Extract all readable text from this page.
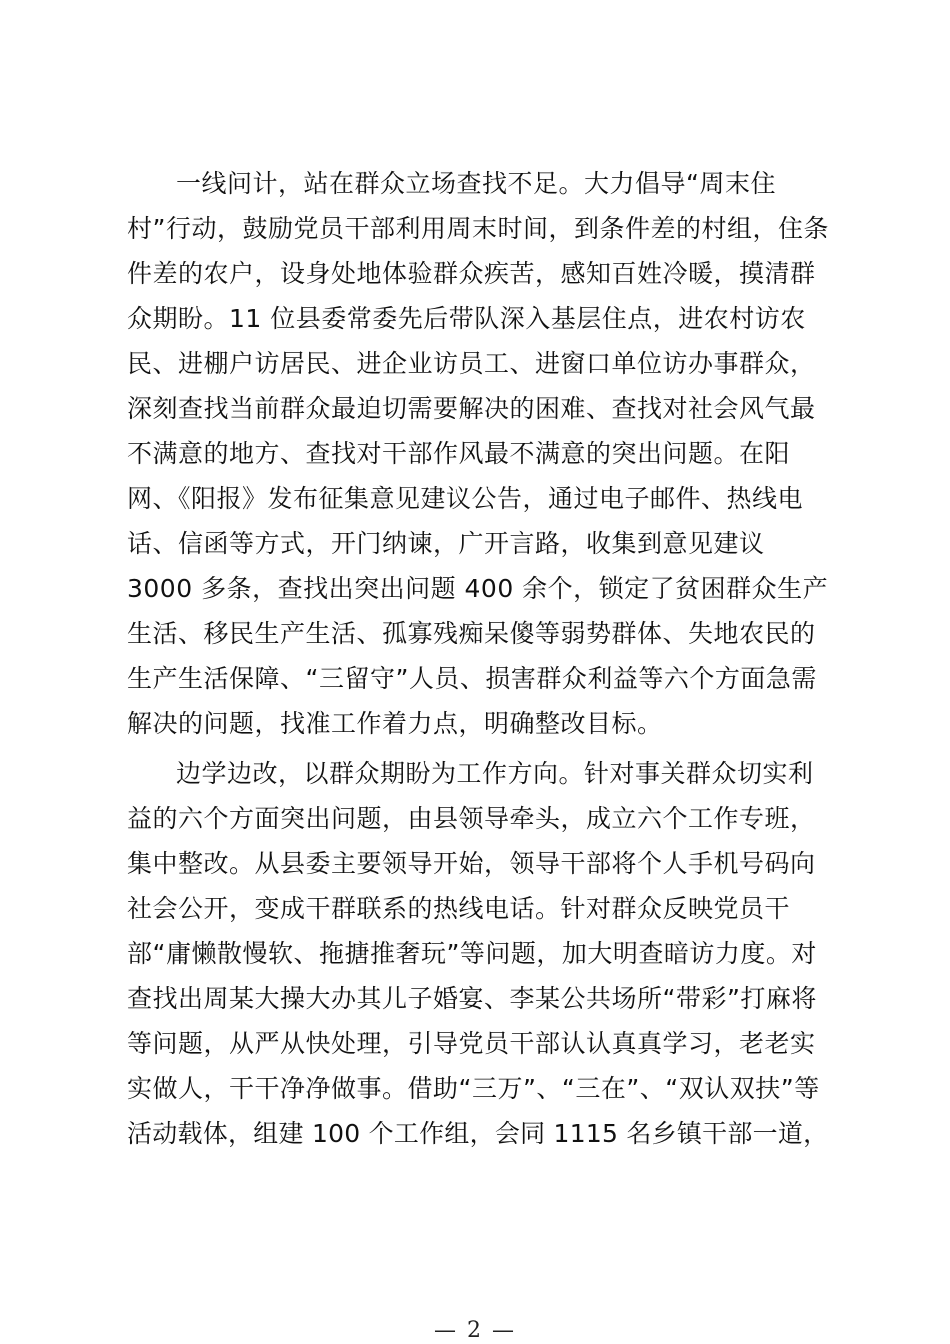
一线问计，站在群众立场查找不足。大力倡导“周末住
村”行动，鼓励党员干部利用周末时间，到条件差的村组，住条
件差的农户，设身处地体验群众疾苦，感知百姓冷暖，摸清群
众期盼。11 位县委常委先后带队深入基层住点，进农村访农
民、进棚户访居民、进企业访员工、进窗口单位访办事群众，
深刻查找当前群众最迫切需要解决的困难、查找对社会风气最
不满意的地方、查找对干部作风最不满意的突出问题。在阳
网、《阳报》发布征集意见建议公告，通过电子邮件、热线电
话、信函等方式，开门纳谏，广开言路，收集到意见建议
3000 多条，查找出突出问题 400 余个，锁定了贫困群众生产
生活、移民生产生活、孤寡残痴呆傻等弱势群体、失地农民的
生产生活保障、“三留守”人员、损害群众利益等六个方面急需
解决的问题，找准工作着力点，明确整改目标。
边学边改，以群众期盼为工作方向。针对事关群众切实利
益的六个方面突出问题，由县领导牵头，成立六个工作专班，
集中整改。从县委主要领导开始，领导干部将个人手机号码向
社会公开，变成干群联系的热线电话。针对群众反映党员干
部“庸懒散慢软、拖搪推奢玩”等问题，加大明查暗访力度。对
查找出周某大操大办其儿子婚宴、李某公共场所“带彩”打麻将
等问题，从严从快处理，引导党员干部认认真真学习，老老实
实做人，干干净净做事。借助“三万”、“三在”、“双认双扶”等
活动载体，组建 100 个工作组，会同 1115 名乡镇干部一道，
— 2 —
